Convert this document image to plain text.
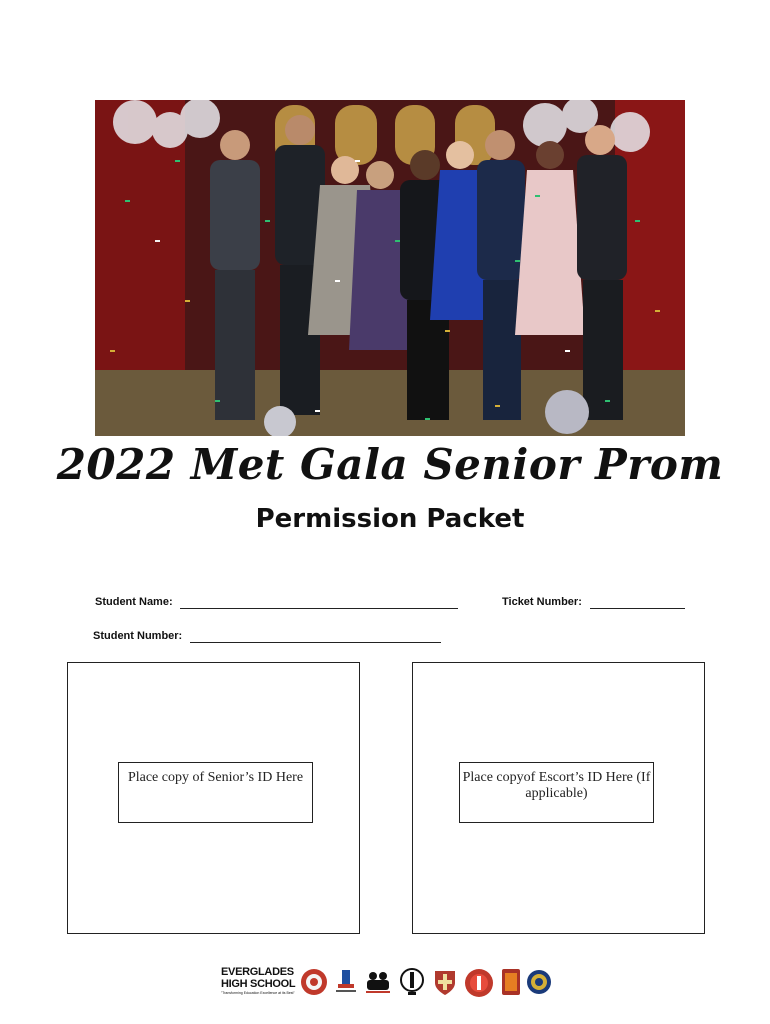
2022 Met Gala Senior Prom
Permission Packet
Student Name:	Ticket Number:
Student Number:
Place copy of Senior’s ID Here	Place copyof Escort’s ID Here (If applicable)
EVERGLADES
HIGH SCHOOL
"Transforming Education Excellence at its Best"
